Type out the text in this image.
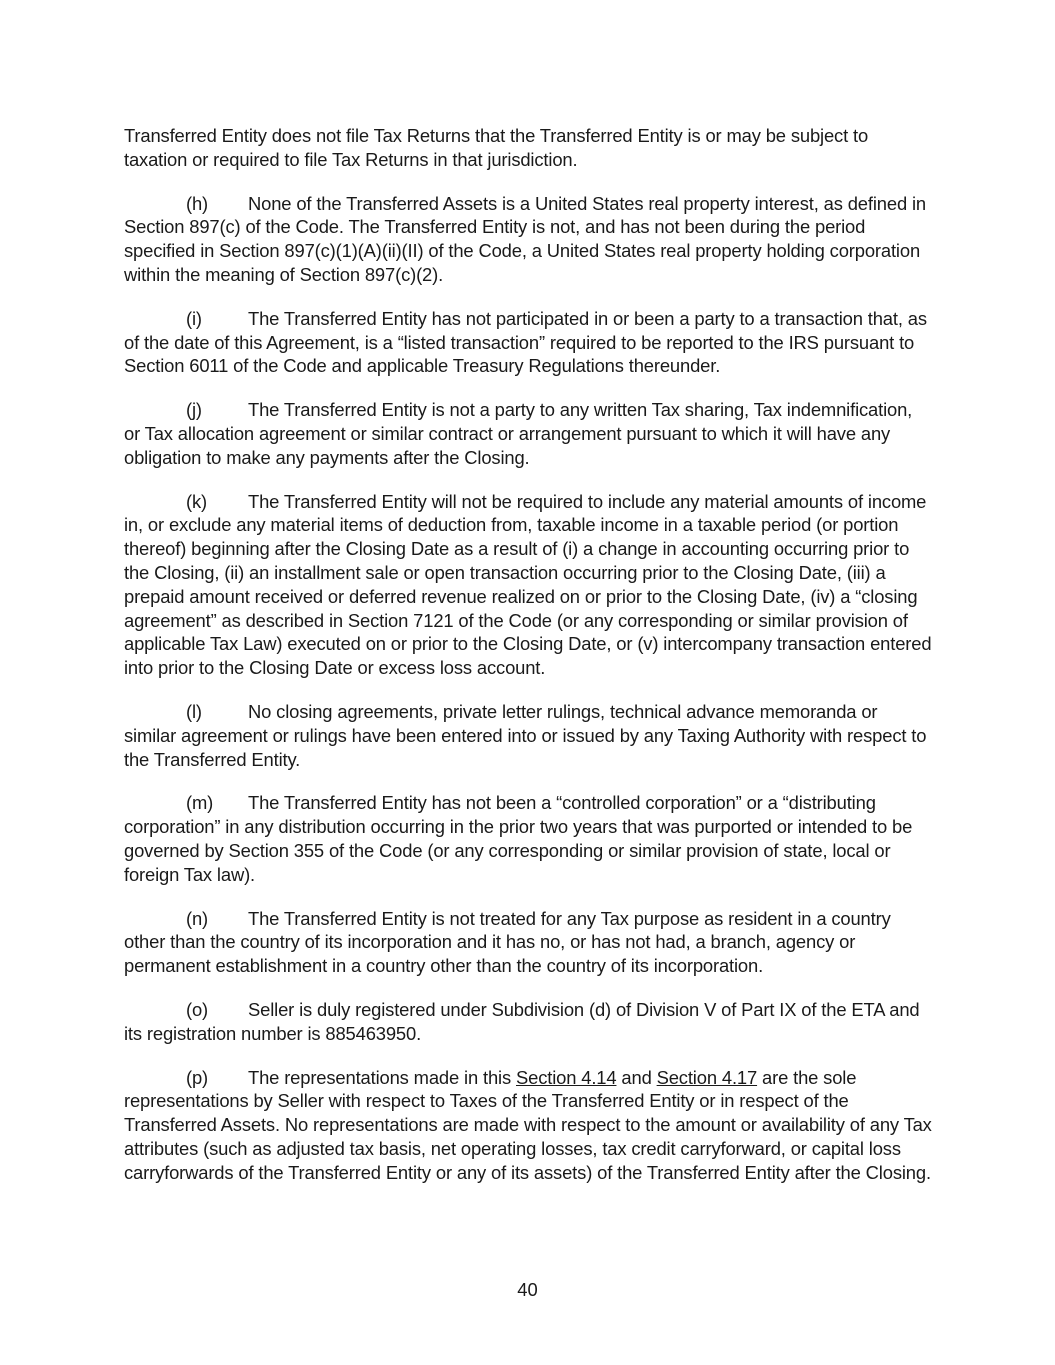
Transferred Entity does not file Tax Returns that the Transferred Entity is or may be subject to taxation or required to file Tax Returns in that jurisdiction.

(h) None of the Transferred Assets is a United States real property interest, as defined in Section 897(c) of the Code. The Transferred Entity is not, and has not been during the period specified in Section 897(c)(1)(A)(ii)(II) of the Code, a United States real property holding corporation within the meaning of Section 897(c)(2).

(i)	The Transferred Entity has not participated in or been a party to a transaction that, as of the date of this Agreement, is a “listed transaction” required to be reported to the IRS pursuant to Section 6011 of the Code and applicable Treasury Regulations thereunder.

(j)	The Transferred Entity is not a party to any written Tax sharing, Tax indemnification, or Tax allocation agreement or similar contract or arrangement pursuant to which it will have any obligation to make any payments after the Closing.

(k) The Transferred Entity will not be required to include any material amounts of income in, or exclude any material items of deduction from, taxable income in a taxable period (or portion thereof) beginning after the Closing Date as a result of (i) a change in accounting occurring prior to the Closing, (ii) an installment sale or open transaction occurring prior to the Closing Date, (iii) a prepaid amount received or deferred revenue realized on or prior to the Closing Date, (iv) a “closing agreement” as described in Section 7121 of the Code (or any corresponding or similar provision of applicable Tax Law) executed on or prior to the Closing Date, or (v) intercompany transaction entered into prior to the Closing Date or excess loss account.

(l)	No closing agreements, private letter rulings, technical advance memoranda or similar agreement or rulings have been entered into or issued by any Taxing Authority with respect to the Transferred Entity.

(m) The Transferred Entity has not been a “controlled corporation” or a “distributing corporation” in any distribution occurring in the prior two years that was purported or intended to be governed by Section 355 of the Code (or any corresponding or similar provision of state, local or foreign Tax law).

(n) The Transferred Entity is not treated for any Tax purpose as resident in a country other than the country of its incorporation and it has no, or has not had, a branch, agency or permanent establishment in a country other than the country of its incorporation.

(o) Seller is duly registered under Subdivision (d) of Division V of Part IX of the ETA and its registration number is 885463950.

(p) The representations made in this Section 4.14 and Section 4.17 are the sole representations by Seller with respect to Taxes of the Transferred Entity or in respect of the Transferred Assets. No representations are made with respect to the amount or availability of any Tax attributes (such as adjusted tax basis, net operating losses, tax credit carryforward, or capital loss carryforwards of the Transferred Entity or any of its assets) of the Transferred Entity after the Closing.

40
